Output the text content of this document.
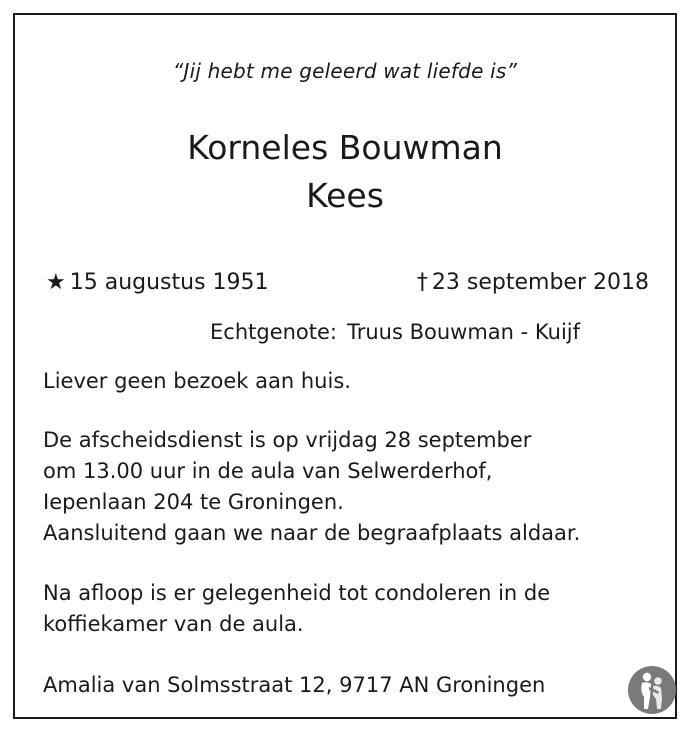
“Jij hebt me geleerd wat liefde is”
Korneles Bouwman
Kees
★ 15 augustus 1951	† 23 september 2018
Echtgenote: Truus Bouwman - Kuijf
Liever geen bezoek aan huis.
De afscheidsdienst is op vrijdag 28 september
om 13.00 uur in de aula van Selwerderhof,
Iepenlaan 204 te Groningen.
Aansluitend gaan we naar de begraafplaats aldaar.
Na afloop is er gelegenheid tot condoleren in de
koffiekamer van de aula.
Amalia van Solmsstraat 12, 9717 AN Groningen
